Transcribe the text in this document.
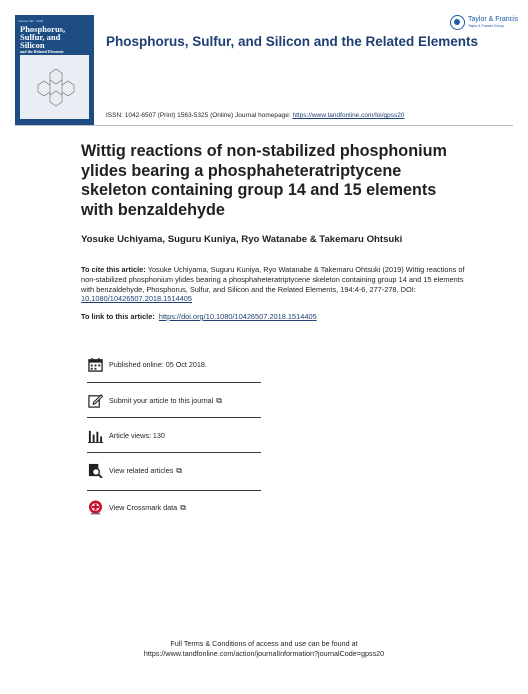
Volume 193 · 2018
Phosphorus,
Sulfur, and
Silicon
and the Related Elements
Phosphorus, Sulfur, and Silicon and the Related Elements
Taylor & Francis
Taylor & Francis Group
ISSN: 1042-6507 (Print) 1563-5325 (Online) Journal homepage: https://www.tandfonline.com/loi/gpss20
Wittig reactions of non-stabilized phosphonium ylides bearing a phosphaheteratriptycene skeleton containing group 14 and 15 elements with benzaldehyde
Yosuke Uchiyama, Suguru Kuniya, Ryo Watanabe & Takemaru Ohtsuki
To cite this article: Yosuke Uchiyama, Suguru Kuniya, Ryo Watanabe & Takemaru Ohtsuki (2019) Wittig reactions of non-stabilized phosphonium ylides bearing a phosphaheteratriptycene skeleton containing group 14 and 15 elements with benzaldehyde, Phosphorus, Sulfur, and Silicon and the Related Elements, 194:4-6, 277-278, DOI: 10.1080/10426507.2018.1514405
To link to this article: https://doi.org/10.1080/10426507.2018.1514405
Published online: 05 Oct 2018.
Submit your article to this journal ⧉
Article views: 130
View related articles ⧉
View Crossmark data ⧉
Full Terms & Conditions of access and use can be found at
https://www.tandfonline.com/action/journalInformation?journalCode=gpss20
